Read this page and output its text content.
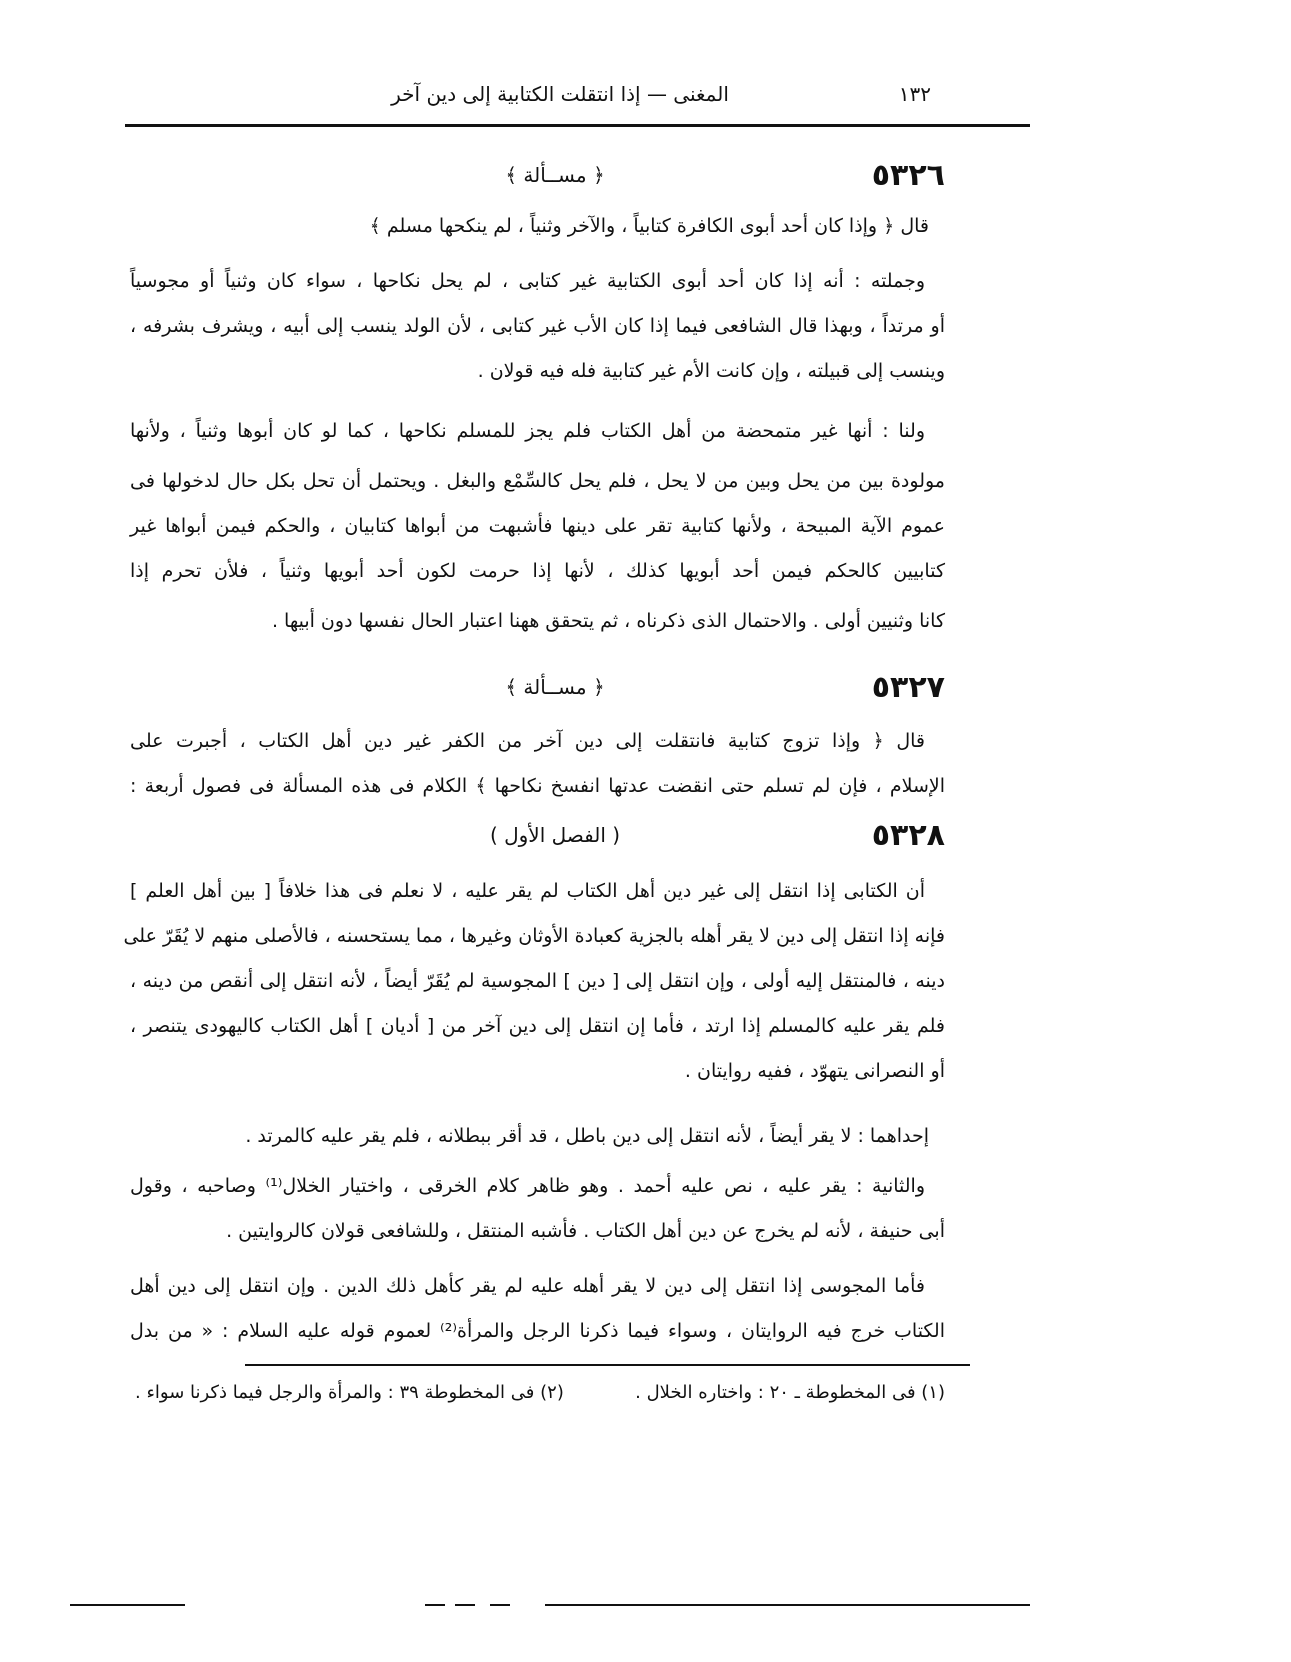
١٣٢
المغنى — إذا انتقلت الكتابية إلى دين آخر
٥٣٢٦
﴿ مســألة ﴾
قال ﴿ وإذا كان أحد أبوى الكافرة كتابياً ، والآخر وثنياً ، لم ينكحها مسلم ﴾
وجملته : أنه إذا كان أحد أبوى الكتابية غير كتابى ، لم يحل نكاحها ، سواء كان وثنياً أو مجوسياً
أو مرتداً ، وبهذا قال الشافعى فيما إذا كان الأب غير كتابى ، لأن الولد ينسب إلى أبيه ، ويشرف بشرفه ،
وينسب إلى قبيلته ، وإن كانت الأم غير كتابية فله فيه قولان .
ولنا : أنها غير متمحضة من أهل الكتاب فلم يجز للمسلم نكاحها ، كما لو كان أبوها وثنياً ، ولأنها
مولودة بين من يحل وبين من لا يحل ، فلم يحل كالسِّمْع والبغل . ويحتمل أن تحل بكل حال لدخولها فى
عموم الآية المبيحة ، ولأنها كتابية تقر على دينها فأشبهت من أبواها كتابيان ، والحكم فيمن أبواها غير
كتابيين كالحكم فيمن أحد أبويها كذلك ، لأنها إذا حرمت لكون أحد أبويها وثنياً ، فلأن تحرم إذا
كانا وثنيين أولى . والاحتمال الذى ذكرناه ، ثم يتحقق ههنا اعتبار الحال نفسها دون أبيها .
٥٣٢٧
﴿ مســألة ﴾
قال ﴿ وإذا تزوج كتابية فانتقلت إلى دين آخر من الكفر غير دين أهل الكتاب ، أجبرت على
الإسلام ، فإن لم تسلم حتى انقضت عدتها انفسخ نكاحها ﴾ الكلام فى هذه المسألة فى فصول أربعة :
٥٣٢٨
( الفصل الأول )
أن الكتابى إذا انتقل إلى غير دين أهل الكتاب لم يقر عليه ، لا نعلم فى هذا خلافاً [ بين أهل العلم ]
فإنه إذا انتقل إلى دين لا يقر أهله بالجزية كعبادة الأوثان وغيرها ، مما يستحسنه ، فالأصلى منهم لا يُقَرّ على
دينه ، فالمنتقل إليه أولى ، وإن انتقل إلى [ دين ] المجوسية لم يُقَرّ أيضاً ، لأنه انتقل إلى أنقص من دينه ،
فلم يقر عليه كالمسلم إذا ارتد ، فأما إن انتقل إلى دين آخر من [ أديان ] أهل الكتاب كاليهودى يتنصر ،
أو النصرانى يتهوّد ، ففيه روايتان .
إحداهما : لا يقر أيضاً ، لأنه انتقل إلى دين باطل ، قد أقر ببطلانه ، فلم يقر عليه كالمرتد .
والثانية : يقر عليه ، نص عليه أحمد . وهو ظاهر كلام الخرقى ، واختيار الخلال⁽¹⁾ وصاحبه ، وقول
أبى حنيفة ، لأنه لم يخرج عن دين أهل الكتاب . فأشبه المنتقل ، وللشافعى قولان كالروايتين .
فأما المجوسى إذا انتقل إلى دين لا يقر أهله عليه لم يقر كأهل ذلك الدين . وإن انتقل إلى دين أهل
الكتاب خرج فيه الروايتان ، وسواء فيما ذكرنا الرجل والمرأة⁽²⁾ لعموم قوله عليه السلام : « من بدل
(١) فى المخطوطة ـ ٢٠ : واختاره الخلال .
(٢) فى المخطوطة ٣٩ : والمرأة والرجل فيما ذكرنا سواء .
